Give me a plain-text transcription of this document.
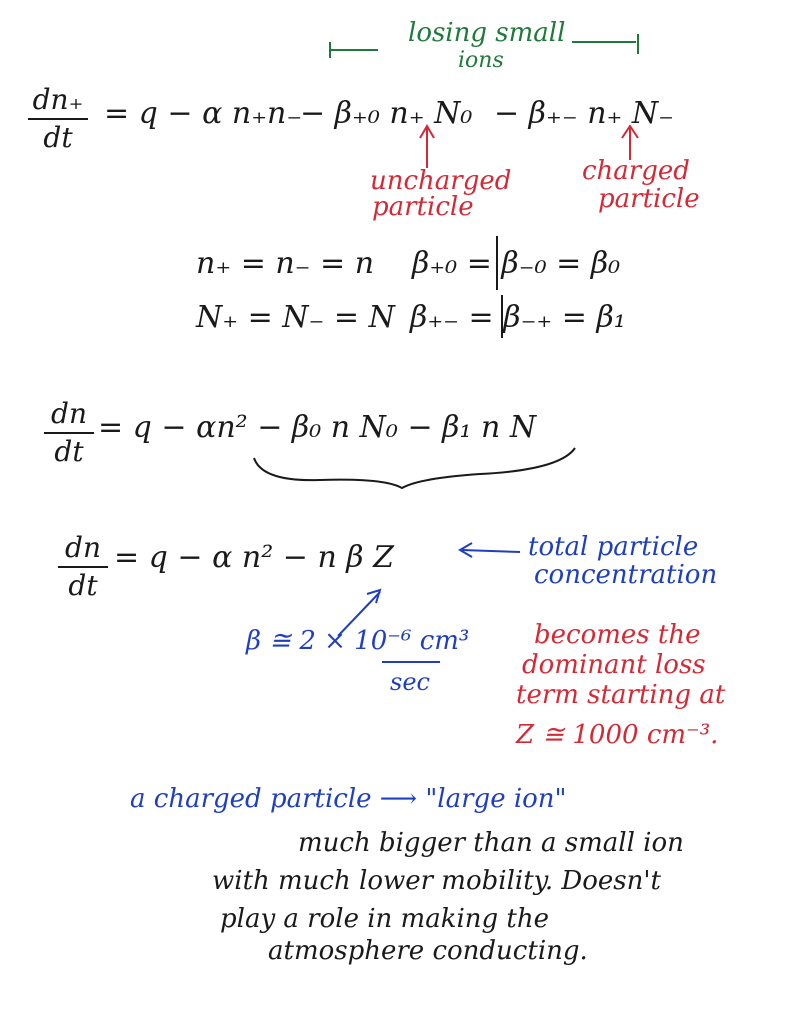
losing small
ions
dn₊
dt
= q − α n₊n₋
− β₊₀ n₊ N₀ − β₊₋ n₊ N₋
uncharged
particle
charged
particle
n₊ = n₋ = n β₊₀ = β₋₀ = β₀
N₊ = N₋ = N β₊₋ = β₋₊ = β₁
dn
dt
= q − αn² − β₀ n N₀ − β₁ n N
dn
dt
= q − α n² − n β Z	total particle
concentration
β ≅ 2 × 10⁻⁶ cm³
sec
becomes the
dominant loss
term starting at
Z ≅ 1000 cm⁻³.
a charged particle ⟶ "large ion"
much bigger than a small ion
with much lower mobility. Doesn't
play a role in making the
atmosphere conducting.
